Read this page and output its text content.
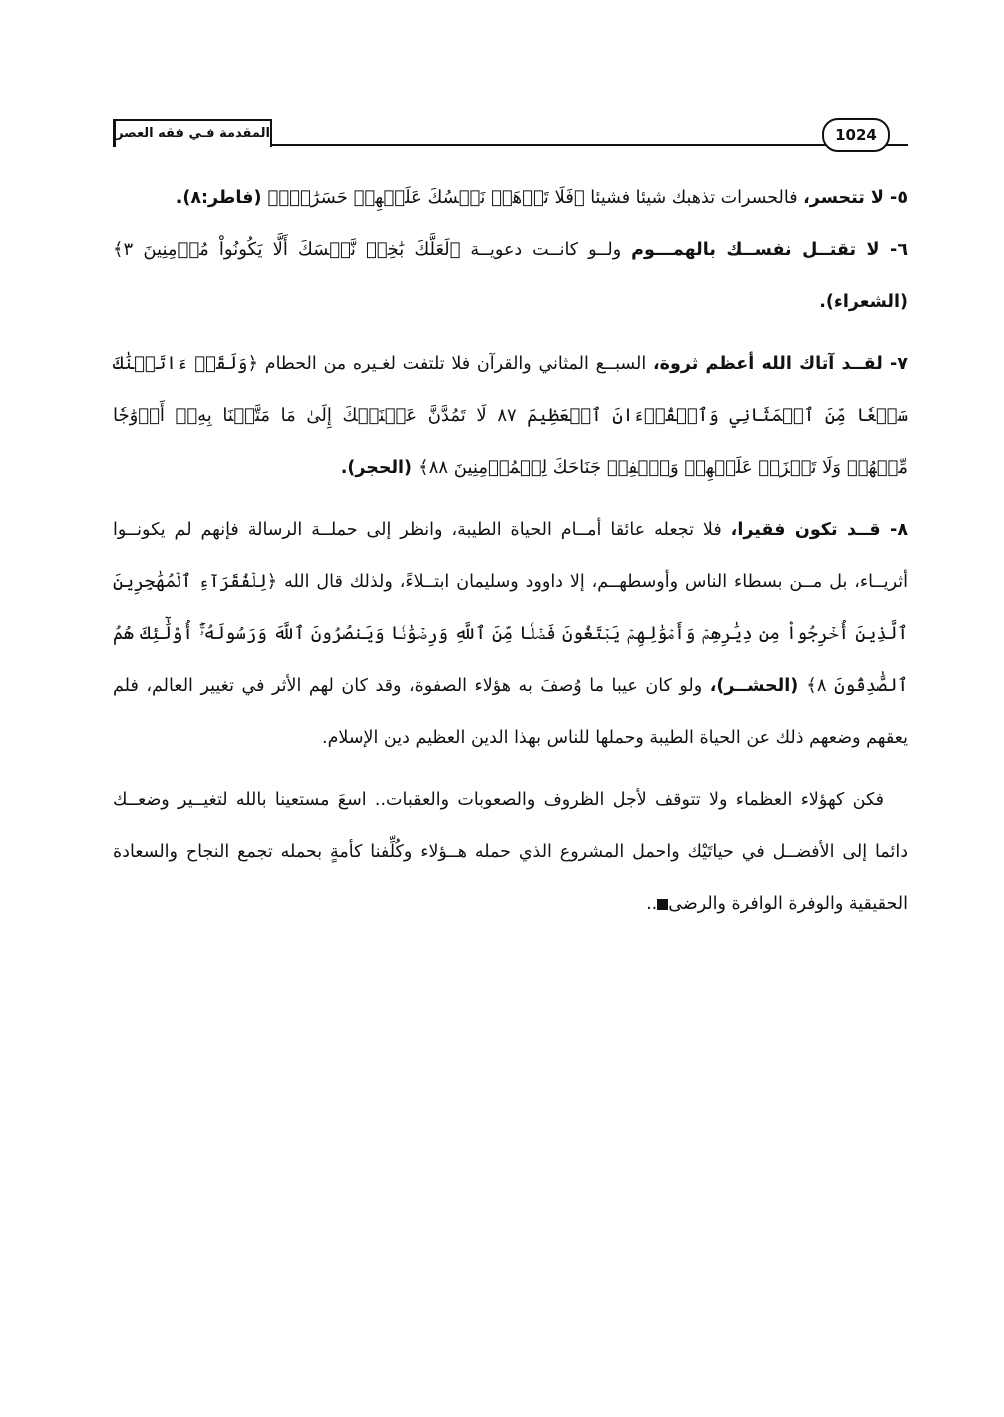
المقدمة فـي فقه العصر	1024

٥- لا تتحسر، فالحسرات تذهبك شيئا فشيئا ﴿فَلَا تَذۡهَبۡ نَفۡسُكَ عَلَيۡهِمۡ حَسَرَٰتٍۚ﴾ (فاطر:٨).

٦- لا تقتــل نفســك بالهمـــوم ولــو كانــت دعويــة ﴿لَعَلَّكَ بَٰخِعٞ نَّفۡسَكَ أَلَّا يَكُونُواْ مُؤۡمِنِينَ ٣﴾ (الشعراء).

٧- لقــد آتاك الله أعظم ثروة، السبــع المثاني والقرآن فلا تلتفت لغـيره من الحطام ﴿وَلَقَدۡ ءَاتَيۡنَٰكَ سَبۡعٗا مِّنَ ٱلۡمَثَانِي وَٱلۡقُرۡءَانَ ٱلۡعَظِيمَ ٨٧ لَا تَمُدَّنَّ عَيۡنَيۡكَ إِلَىٰ مَا مَتَّعۡنَا بِهِۦٓ أَزۡوَٰجٗا مِّنۡهُمۡ وَلَا تَحۡزَنۡ عَلَيۡهِمۡ وَٱخۡفِضۡ جَنَاحَكَ لِلۡمُؤۡمِنِينَ ٨٨﴾ (الحجر).

٨- قــد تكون فقيرا، فلا تجعله عائقا أمــام الحياة الطيبة، وانظر إلى حملــة الرسالة فإنهم لم يكونــوا أثريــاء، بل مــن بسطاء الناس وأوسطهــم، إلا داوود وسليمان ابتــلاءً، ولذلك قال الله ﴿لِلۡفُقَرَآءِ ٱلۡمُهَٰجِرِينَ ٱلَّذِينَ أُخۡرِجُواْ مِن دِيَٰرِهِمۡ وَأَمۡوَٰلِهِمۡ يَبۡتَغُونَ فَضۡلٗا مِّنَ ٱللَّهِ وَرِضۡوَٰنٗا وَيَنصُرُونَ ٱللَّهَ وَرَسُولَهُۥٓۚ أُوْلَٰٓئِكَ هُمُ ٱلصَّٰدِقُونَ ٨﴾ (الحشــر)، ولو كان عيبا ما وُصفَ به هؤلاء الصفوة، وقد كان لهم الأثر في تغيير العالم، فلم يعقهم وضعهم ذلك عن الحياة الطيبة وحملها للناس بهذا الدين العظيم دين الإسلام.

فكن كهؤلاء العظماء ولا تتوقف لأجل الظروف والصعوبات والعقبات.. اسعَ مستعينا بالله لتغيــير وضعــك دائما إلى الأفضــل في حياتَيْك واحمل المشروع الذي حمله هــؤلاء وكُلِّفنا كأمةٍ بحمله تجمع النجاح والسعادة الحقيقية والوفرة الوافرة والرضى..
